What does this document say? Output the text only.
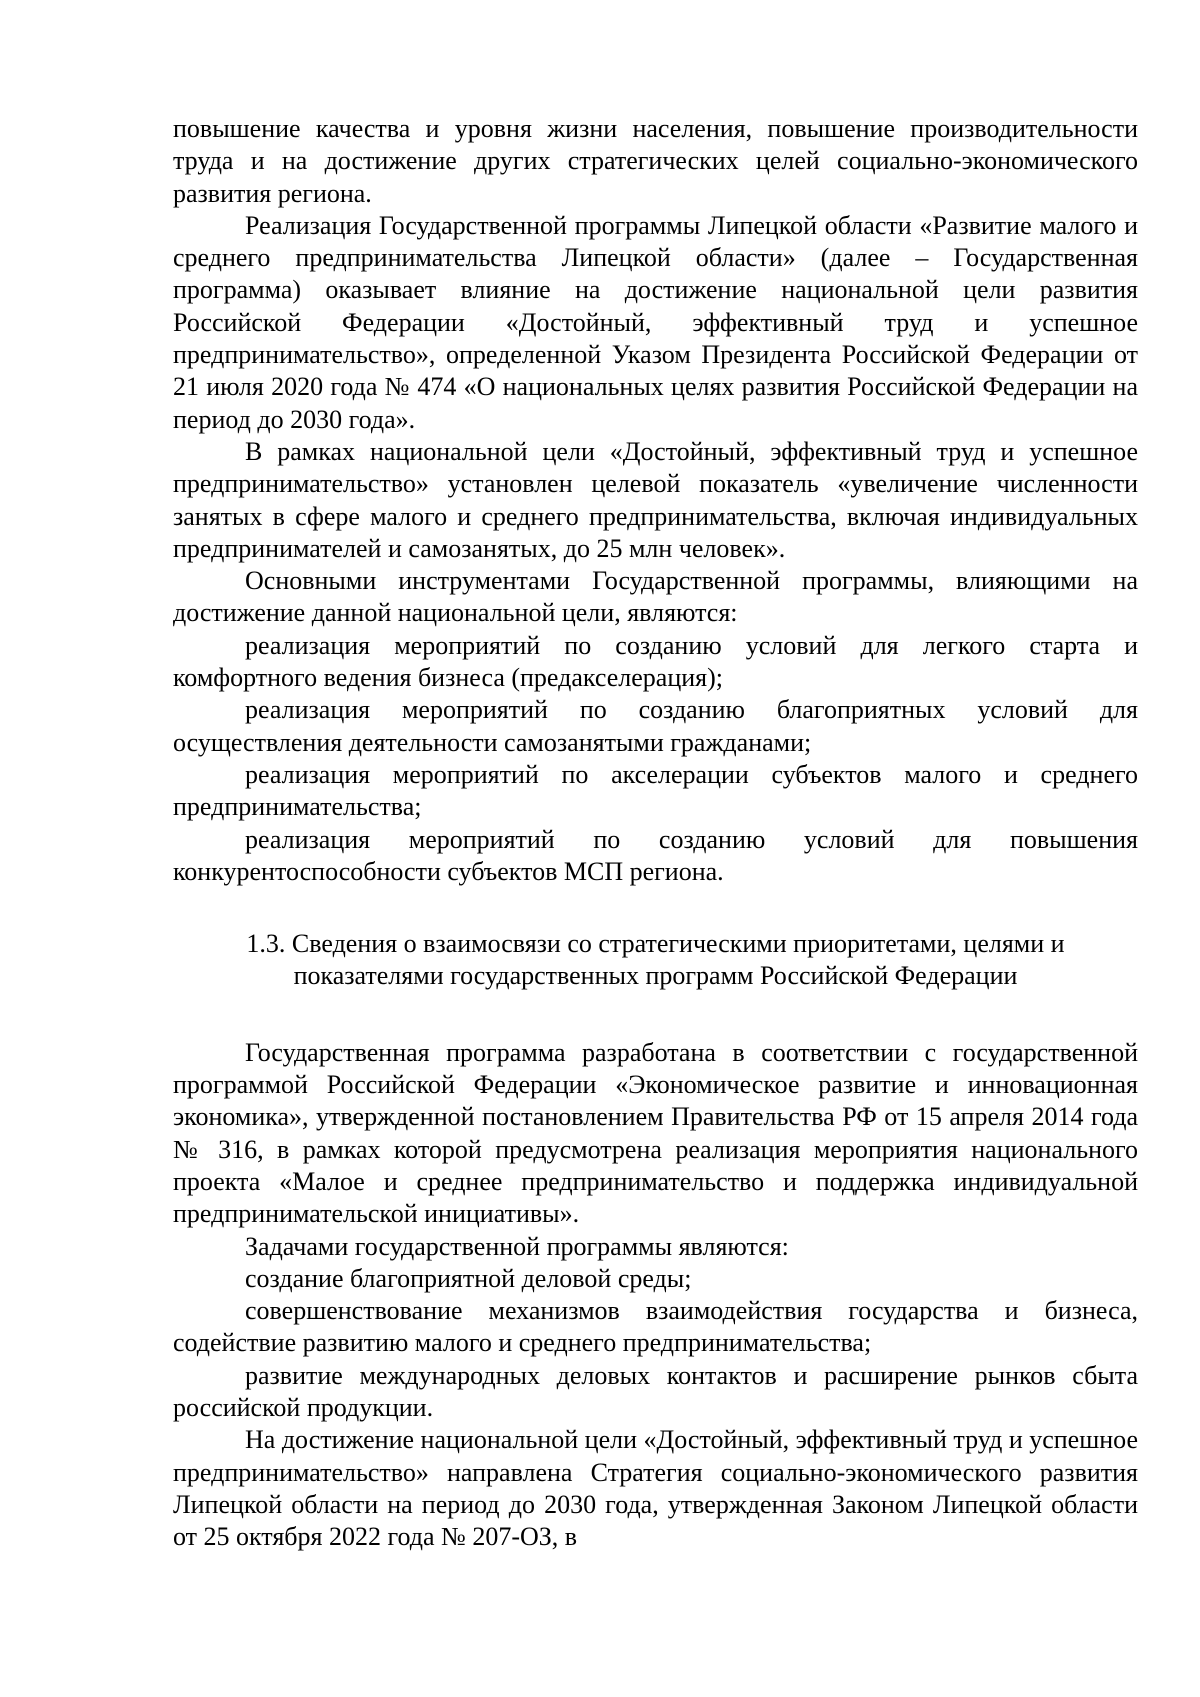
повышение качества и уровня жизни населения, повышение производительности труда и на достижение других стратегических целей социально-экономического развития региона.

Реализация Государственной программы Липецкой области «Развитие малого и среднего предпринимательства Липецкой области» (далее – Государственная программа) оказывает влияние на достижение национальной цели развития Российской Федерации «Достойный, эффективный труд и успешное предпринимательство», определенной Указом Президента Российской Федерации от 21 июля 2020 года № 474 «О национальных целях развития Российской Федерации на период до 2030 года».

В рамках национальной цели «Достойный, эффективный труд и успешное предпринимательство» установлен целевой показатель «увеличение численности занятых в сфере малого и среднего предпринимательства, включая индивидуальных предпринимателей и самозанятых, до 25 млн человек».

Основными инструментами Государственной программы, влияющими на достижение данной национальной цели, являются:

реализация мероприятий по созданию условий для легкого старта и комфортного ведения бизнеса (предакселерация);

реализация мероприятий по созданию благоприятных условий для осуществления деятельности самозанятыми гражданами;

реализация мероприятий по акселерации субъектов малого и среднего предпринимательства;

реализация мероприятий по созданию условий для повышения конкурентоспособности субъектов МСП региона.

1.3. Сведения о взаимосвязи со стратегическими приоритетами, целями и
показателями государственных программ Российской Федерации

Государственная программа разработана в соответствии с государственной программой Российской Федерации «Экономическое развитие и инновационная экономика», утвержденной постановлением Правительства РФ от 15 апреля 2014 года № 316, в рамках которой предусмотрена реализация мероприятия национального проекта «Малое и среднее предпринимательство и поддержка индивидуальной предпринимательской инициативы».

Задачами государственной программы являются:

создание благоприятной деловой среды;

совершенствование механизмов взаимодействия государства и бизнеса, содействие развитию малого и среднего предпринимательства;

развитие международных деловых контактов и расширение рынков сбыта российской продукции.

На достижение национальной цели «Достойный, эффективный труд и успешное предпринимательство» направлена Стратегия социально-экономического развития Липецкой области на период до 2030 года, утвержденная Законом Липецкой области от 25 октября 2022 года № 207-ОЗ, в
